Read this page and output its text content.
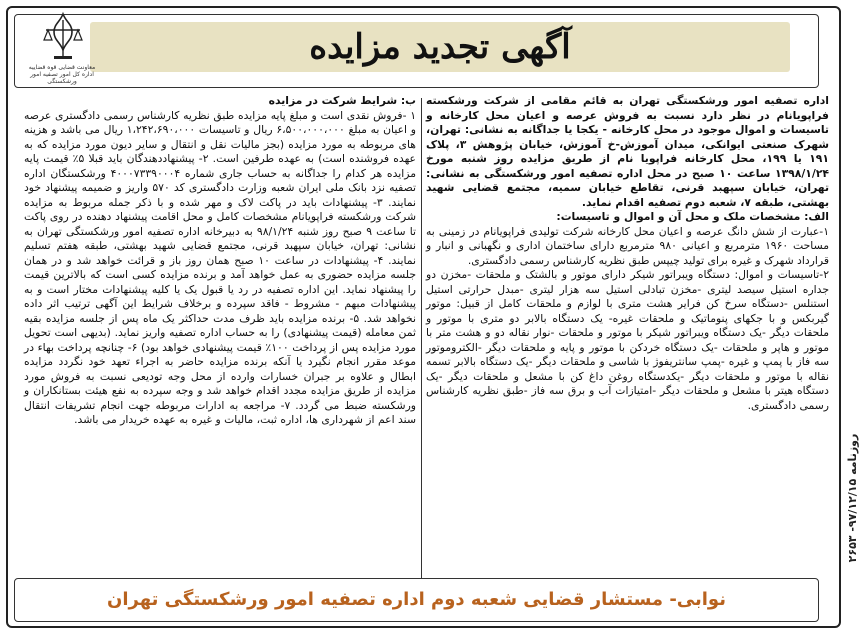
آگهی تجدید مزایده
معاونت قضایی قوه قضاییه اداره کل امور تصفیه امور ورشکستگی

اداره تصفیه امور ورشکستگی تهران به قائم مقامی از شرکت ورشکسته فراپویانام در نظر دارد نسبت به فروش عرصه و اعیان محل کارخانه و تاسیسات و اموال موجود در محل کارخانه - یکجا یا جداگانه به نشانی: تهران، شهرک صنعتی ایوانکی، میدان آموزش-خ آموزش، خیابان پژوهش ۳، پلاک ۱۹۱ یا ۱۹۹، محل کارخانه فراپویا نام از طریق مزایده روز شنبه مورخ ۱۳۹۸/۱/۲۴ ساعت ۱۰ صبح در محل اداره تصفیه امور ورشکستگی به نشانی: تهران، خیابان سپهبد قرنی، تقاطع خیابان سمیه، مجتمع قضایی شهید بهشتی، طبقه ۷، شعبه دوم تصفیه اقدام نماید.

الف: مشخصات ملک و محل آن و اموال و تاسیسات:

۱-عبارت از شش دانگ عرصه و اعیان محل کارخانه شرکت تولیدی فراپویانام در زمینی به مساحت ۱۹۶۰ مترمربع و اعیانی ۹۸۰ مترمربع دارای ساختمان اداری و نگهبانی و انبار و قرارداد شهرک و غیره برای تولید چیپس طبق نظریه کارشناس رسمی دادگستری.

۲-تاسیسات و اموال: دستگاه ویبراتور شیکر دارای موتور و بالشتک و ملحقات -مخزن دو جداره استیل سیصد لیتری -مخزن تبادلی استیل سه هزار لیتری -مبدل حرارتی استیل استنلس -دستگاه سرخ کن فرایر هشت متری با لوازم و ملحقات کامل از قبیل: موتور گیربکس و با جکهای پنوماتیک و ملحقات غیره- یک دستگاه بالابر دو متری با موتور و ملحقات دیگر -یک دستگاه ویبراتور شیکر با موتور و ملحقات -نوار نقاله دو و هشت متر با موتور و هاپر و ملحقات -یک دستگاه خردکن با موتور و پایه و ملحقات دیگر -الکتروموتور سه فاز با پمپ و غیره -پمپ سانتریفوژ با شاسی و ملحقات دیگر -یک دستگاه بالابر تسمه نقاله با موتور و ملحقات دیگر -یکدستگاه روغن داغ کن با مشعل و ملحقات دیگر -یک دستگاه هیتر با مشعل و ملحقات دیگر -امتیازات آب و برق سه فاز -طبق نظریه کارشناس رسمی دادگستری.

ب: شرایط شرکت در مزایده

۱ -فروش نقدی است و مبلغ پایه مزایده طبق نظریه کارشناس رسمی دادگستری عرصه و اعیان به مبلغ ۶،۵۰۰،۰۰۰،۰۰۰ ریال و تاسیسات ۱،۲۴۲،۶۹۰،۰۰۰ ریال می باشد و هزینه های مربوطه به مورد مزایده (بجز مالیات نقل و انتقال و سایر دیون مورد مزایده که به عهده فروشنده است) به عهده طرفین است. ۲- پیشنهاددهندگان باید قبلا ۵٪ قیمت پایه مزایده هر کدام را جداگانه به حساب جاری شماره ۴۰۰۰۷۳۳۹۰۰۰۴ ورشکستگان اداره تصفیه نزد بانک ملی ایران شعبه وزارت دادگستری کد ۵۷۰ واریز و ضمیمه پیشنهاد خود نمایند. ۳- پیشنهادات باید در پاکت لاک و مهر شده و با ذکر جمله مربوط به مزایده شرکت ورشکسته فراپویانام مشخصات کامل و محل اقامت پیشنهاد دهنده در روی پاکت تا ساعت ۹ صبح روز شنبه ۹۸/۱/۲۴ به دبیرخانه اداره تصفیه امور ورشکستگی تهران به نشانی: تهران، خیابان سپهبد قرنی، مجتمع قضایی شهید بهشتی، طبقه هفتم تسلیم نمایند. ۴- پیشنهادات در ساعت ۱۰ صبح همان روز باز و قرائت خواهد شد و در همان جلسه مزایده حضوری به عمل خواهد آمد و برنده مزایده کسی است که بالاترین قیمت را پیشنهاد نماید. این اداره تصفیه در رد یا قبول یک یا کلیه پیشنهادات مختار است و به پیشنهادات مبهم - مشروط - فاقد سپرده و برخلاف شرایط این آگهی ترتیب اثر داده نخواهد شد. ۵- برنده مزایده باید ظرف مدت حداکثر یک ماه پس از جلسه مزایده بقیه ثمن معامله (قیمت پیشنهادی) را به حساب اداره تصفیه واریز نماید. (بدیهی است تحویل مورد مزایده پس از پرداخت ۱۰۰٪ قیمت پیشنهادی خواهد بود) ۶- چنانچه پرداخت بهاء در موعد مقرر انجام نگیرد یا آنکه برنده مزایده حاضر به اجراء تعهد خود نگردد مزایده ابطال و علاوه بر جبران خسارات وارده از محل وجه تودیعی نسبت به فروش مورد مزایده از طریق مزایده مجدد اقدام خواهد شد و وجه سپرده به نفع هیئت بستانکاران و ورشکسته ضبط می گردد. ۷- مراجعه به ادارات مربوطه جهت انجام تشریفات انتقال سند اعم از شهرداری ها، اداره ثبت، مالیات و غیره به عهده خریدار می باشد.

نوابی- مستشار قضایی شعبه دوم اداره تصفیه امور ورشکستگی تهران
روزنامه ۹۷/۱۲/۱۵- ۲۶۵۳
